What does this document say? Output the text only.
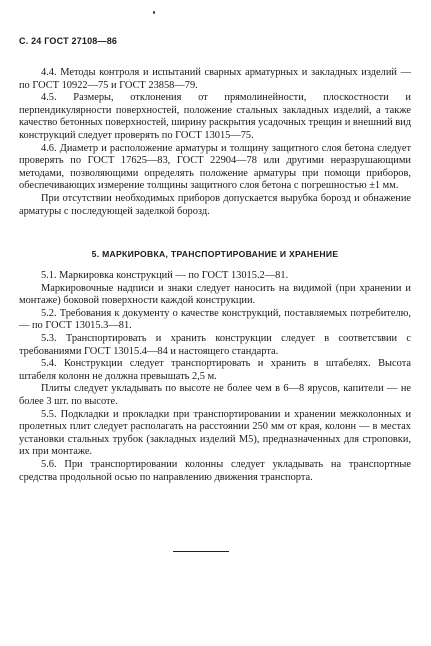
С. 24 ГОСТ 27108—86

4.4. Методы контроля и испытаний сварных арматурных и закладных изделий — по ГОСТ 10922—75 и ГОСТ 23858—79.

4.5. Размеры, отклонения от прямолинейности, плоскостности и перпендикулярности поверхностей, положение стальных закладных изделий, а также качество бетонных поверхностей, ширину раскрытия усадочных трещин и внешний вид конструкций следует проверять по ГОСТ 13015—75.

4.6. Диаметр и расположение арматуры и толщину защитного слоя бетона следует проверять по ГОСТ 17625—83, ГОСТ 22904—78 или другими неразрушающими методами, позволяющими определять положение арматуры при помощи приборов, обеспечивающих измерение толщины защитного слоя бетона с погрешностью ±1 мм.

При отсутствии необходимых приборов допускается вырубка борозд и обнажение арматуры с последующей заделкой борозд.

5. МАРКИРОВКА, ТРАНСПОРТИРОВАНИЕ И ХРАНЕНИЕ

5.1. Маркировка конструкций — по ГОСТ 13015.2—81.

Маркировочные надписи и знаки следует наносить на видимой (при хранении и монтаже) боковой поверхности каждой конструкции.

5.2. Требования к документу о качестве конструкций, поставляемых потребителю, — по ГОСТ 13015.3—81.

5.3. Транспортировать и хранить конструкции следует в соответствии с требованиями ГОСТ 13015.4—84 и настоящего стандарта.

5.4. Конструкции следует транспортировать и хранить в штабелях. Высота штабеля колонн не должна превышать 2,5 м.

Плиты следует укладывать по высоте не более чем в 6—8 ярусов, капители — не более 3 шт. по высоте.

5.5. Подкладки и прокладки при транспортировании и хранении межколонных и пролетных плит следует располагать на расстоянии 250 мм от края, колонн — в местах установки стальных трубок (закладных изделий М5), предназначенных для строповки, их при монтаже.

5.6. При транспортировании колонны следует укладывать на транспортные средства продольной осью по направлению движения транспорта.
